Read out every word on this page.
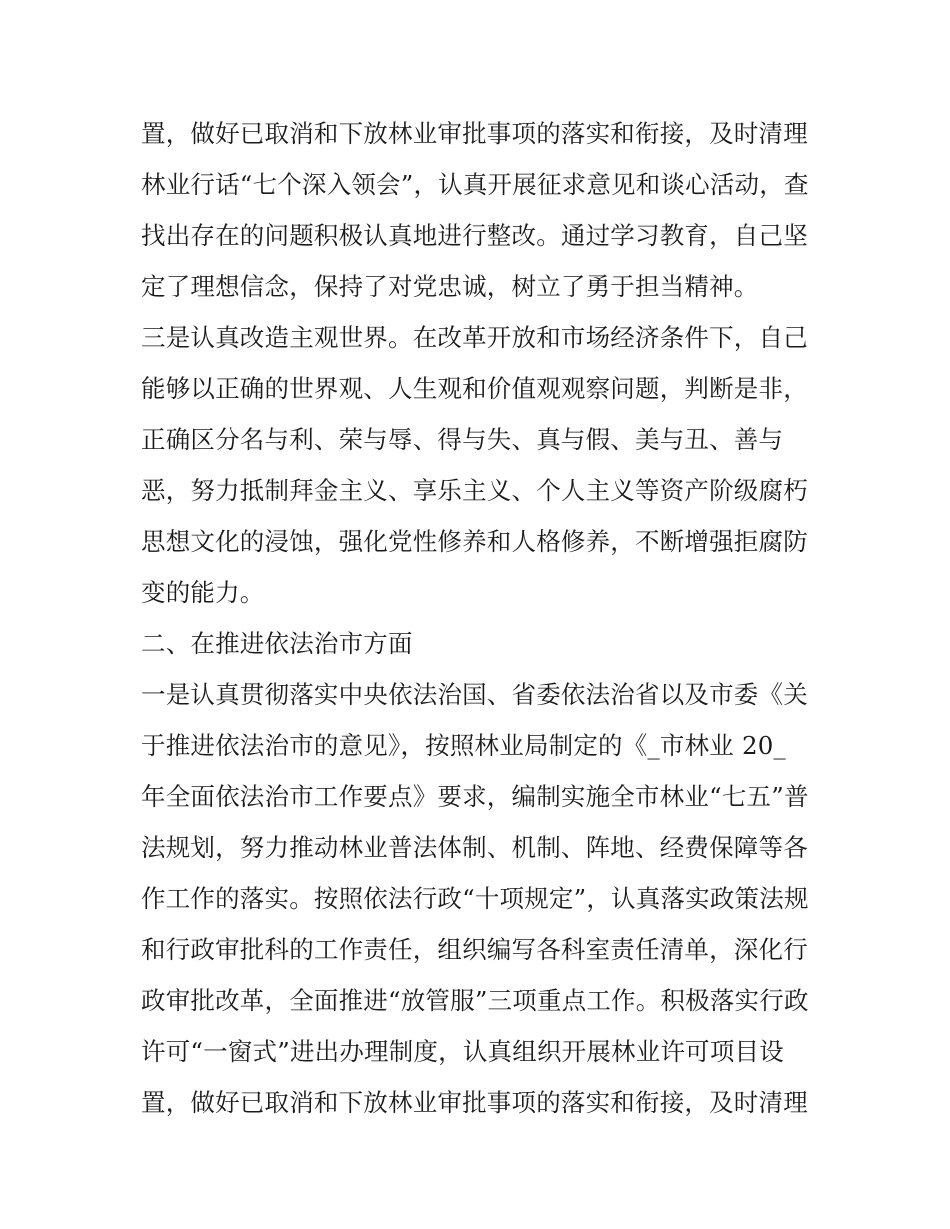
置，做好已取消和下放林业审批事项的落实和衔接，及时清理
林业行话“七个深入领会”，认真开展征求意见和谈心活动，查
找出存在的问题积极认真地进行整改。通过学习教育，自己坚
定了理想信念，保持了对党忠诚，树立了勇于担当精神。
三是认真改造主观世界。在改革开放和市场经济条件下，自己
能够以正确的世界观、人生观和价值观观察问题，判断是非，
正确区分名与利、荣与辱、得与失、真与假、美与丑、善与
恶，努力抵制拜金主义、享乐主义、个人主义等资产阶级腐朽
思想文化的浸蚀，强化党性修养和人格修养，不断增强拒腐防
变的能力。
二、在推进依法治市方面
一是认真贯彻落实中央依法治国、省委依法治省以及市委《关
于推进依法治市的意见》，按照林业局制定的《_市林业 20_
年全面依法治市工作要点》要求，编制实施全市林业“七五”普
法规划，努力推动林业普法体制、机制、阵地、经费保障等各
作工作的落实。按照依法行政“十项规定”，认真落实政策法规
和行政审批科的工作责任，组织编写各科室责任清单，深化行
政审批改革，全面推进“放管服”三项重点工作。积极落实行政
许可“一窗式”进出办理制度，认真组织开展林业许可项目设
置，做好已取消和下放林业审批事项的落实和衔接，及时清理
